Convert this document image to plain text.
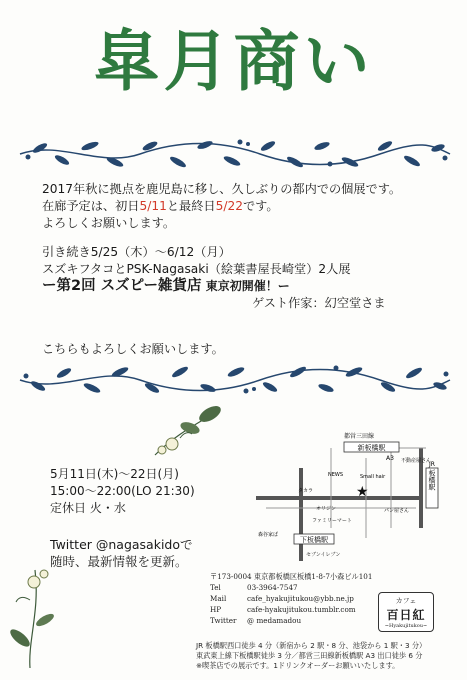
皐月商い
2017年秋に拠点を鹿児島に移し、久しぶりの都内での個展です。
在廊予定は、初日5/11と最終日5/22です。
よろしくお願いします。
引き続き5/25（木）～6/12（月）
スズキフタコとPSK-Nagasaki（絵葉書屋長崎堂）2人展
ー第2回 スズピー雑貨店 東京初開催！ー
ゲスト作家：幻空堂さま
こちらもよろしくお願いします。
5月11日(木)～22日(月)
15:00～22:00(LO 21:30)
定休日 火・水
Twitter @nagasakidoで
随時、最新情報を更新。
新板橋駅
都営三田線
A3 不動産屋さん
NEWS	Small hair
タカラ
オリジン	パン屋さん
ファミリーマート
森谷家ぱ
下板橋駅
セブンイレブン
JR
板橋駅
★
〒173-0004 東京都板橋区板橋1-8-7小森ビル101
Tel	03-3964-7547
Mail	cafe_hyakujitukou@ybb.ne.jp
HP	cafe-hyakujitukou.tumblr.com
Twitter @ medamadou
カフェ
百日紅
~Hyakujitukou~
JR 板橋駅西口徒歩 4 分（新宿から 2 駅・8 分、池袋から 1 駅・3 分）
東武東上線下板橋駅徒歩 3 分／都営三田線新板橋駅 A3 出口徒歩 6 分
※喫茶店での展示です。1ドリンクオーダーお願いいたします。
